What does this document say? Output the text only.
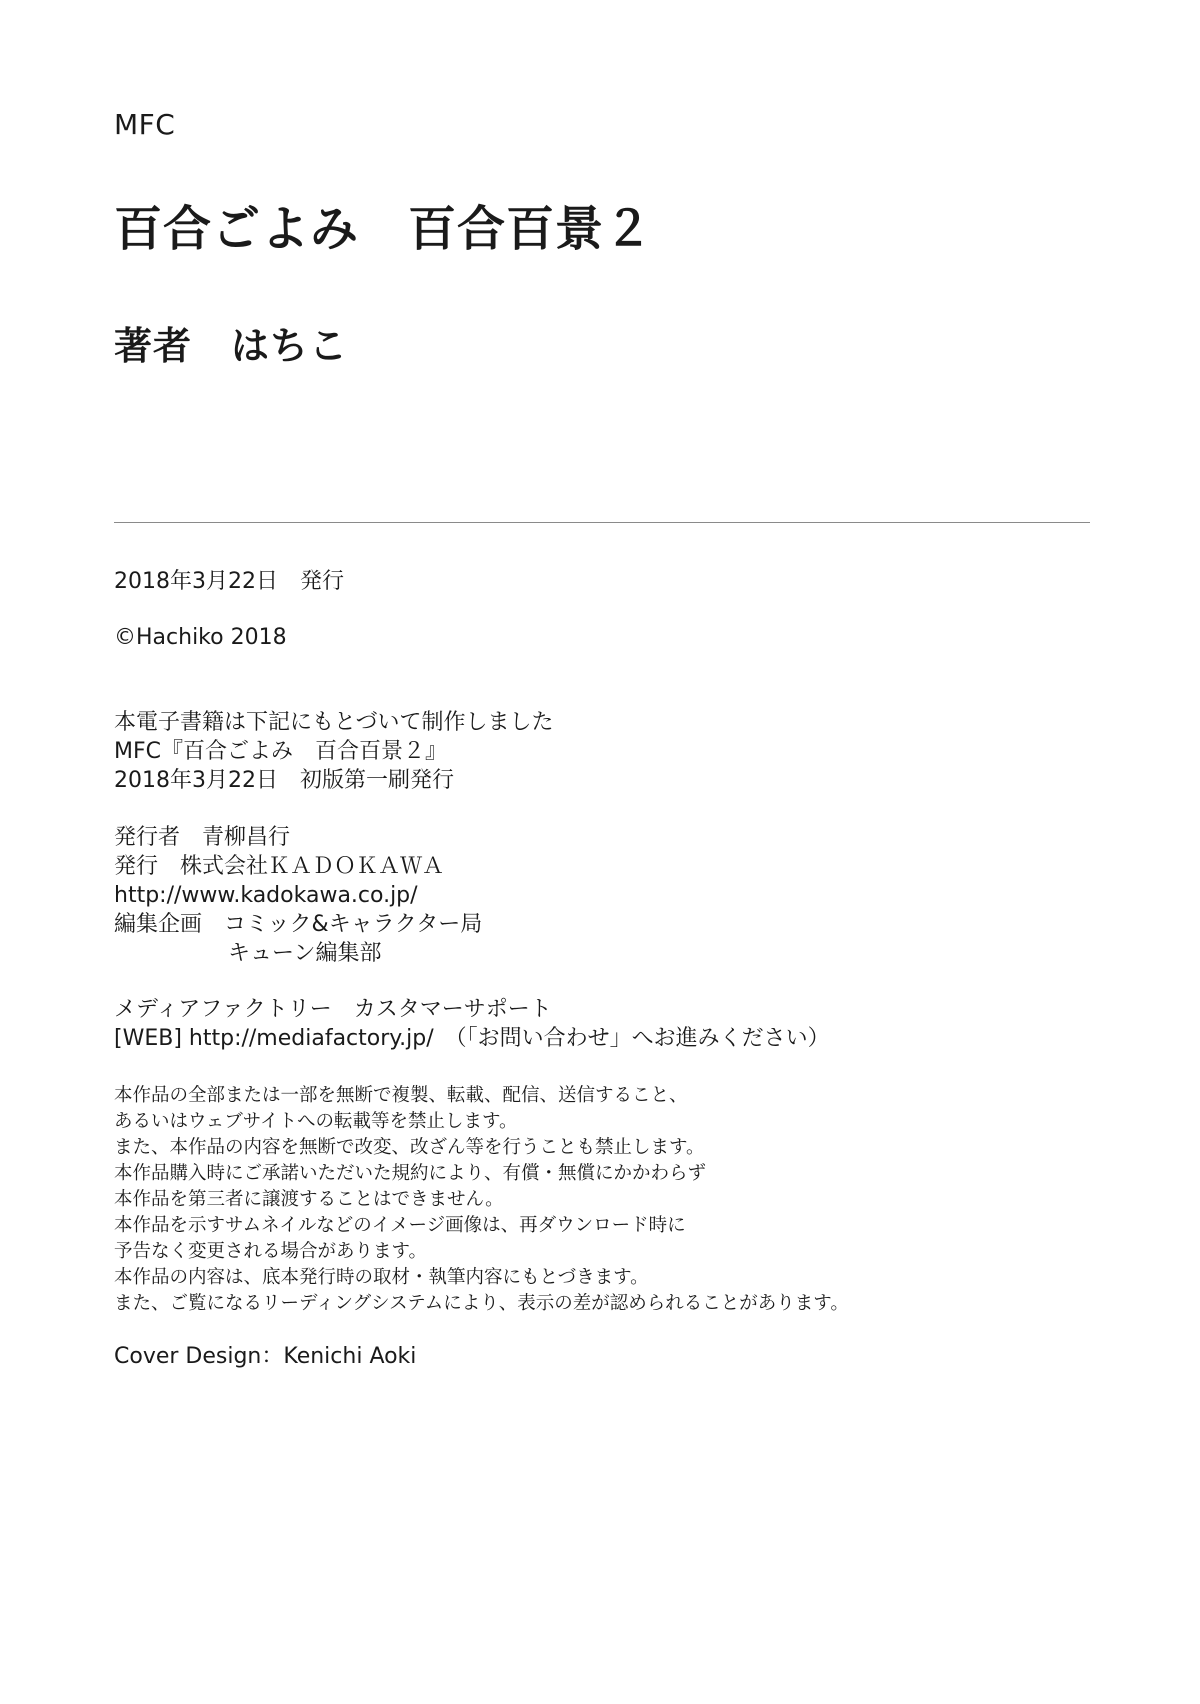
MFC
百合ごよみ　百合百景２
著者　はちこ
2018年3月22日　発行
©Hachiko 2018
本電子書籍は下記にもとづいて制作しました
MFC『百合ごよみ　百合百景２』
2018年3月22日　初版第一刷発行
発行者　青柳昌行
発行　株式会社ＫＡＤＯＫＡＷＡ
http://www.kadokawa.co.jp/
編集企画　コミック&キャラクター局
キューン編集部
メディアファクトリー　カスタマーサポート
[WEB] http://mediafactory.jp/　（「お問い合わせ」へお進みください）
本作品の全部または一部を無断で複製、転載、配信、送信すること、
あるいはウェブサイトへの転載等を禁止します。
また、本作品の内容を無断で改変、改ざん等を行うことも禁止します。
本作品購入時にご承諾いただいた規約により、有償・無償にかかわらず
本作品を第三者に譲渡することはできません。
本作品を示すサムネイルなどのイメージ画像は、再ダウンロード時に
予告なく変更される場合があります。
本作品の内容は、底本発行時の取材・執筆内容にもとづきます。
また、ご覧になるリーディングシステムにより、表示の差が認められることがあります。
Cover Design：Kenichi Aoki
